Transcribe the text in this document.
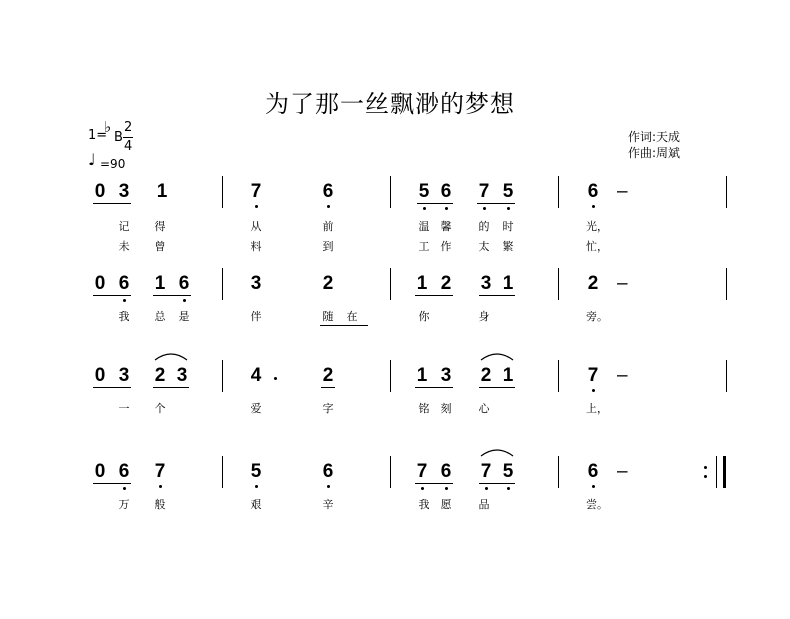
为了那一丝飘渺的梦想
作词:天成
作曲:周斌
1=
♭
B
2
4
♩ =90
0 3 1	7	6	5 6 7 5	6 –
记 得	从	前	温 馨 的 时	光，
未 曾	料	到	工 作 太 繁	忙，
0 6 1 6	3	2	1 2 3 1	2 –
我 总 是	伴	随 在	你	身	旁。
0 3 2 3	4	2	1 3 2 1	7 –
一 个	爱	字	铭 刻 心	上，
0 6 7	5	6	7 6 7 5	6 –
万 般	艰	辛	我 愿 品	尝。
